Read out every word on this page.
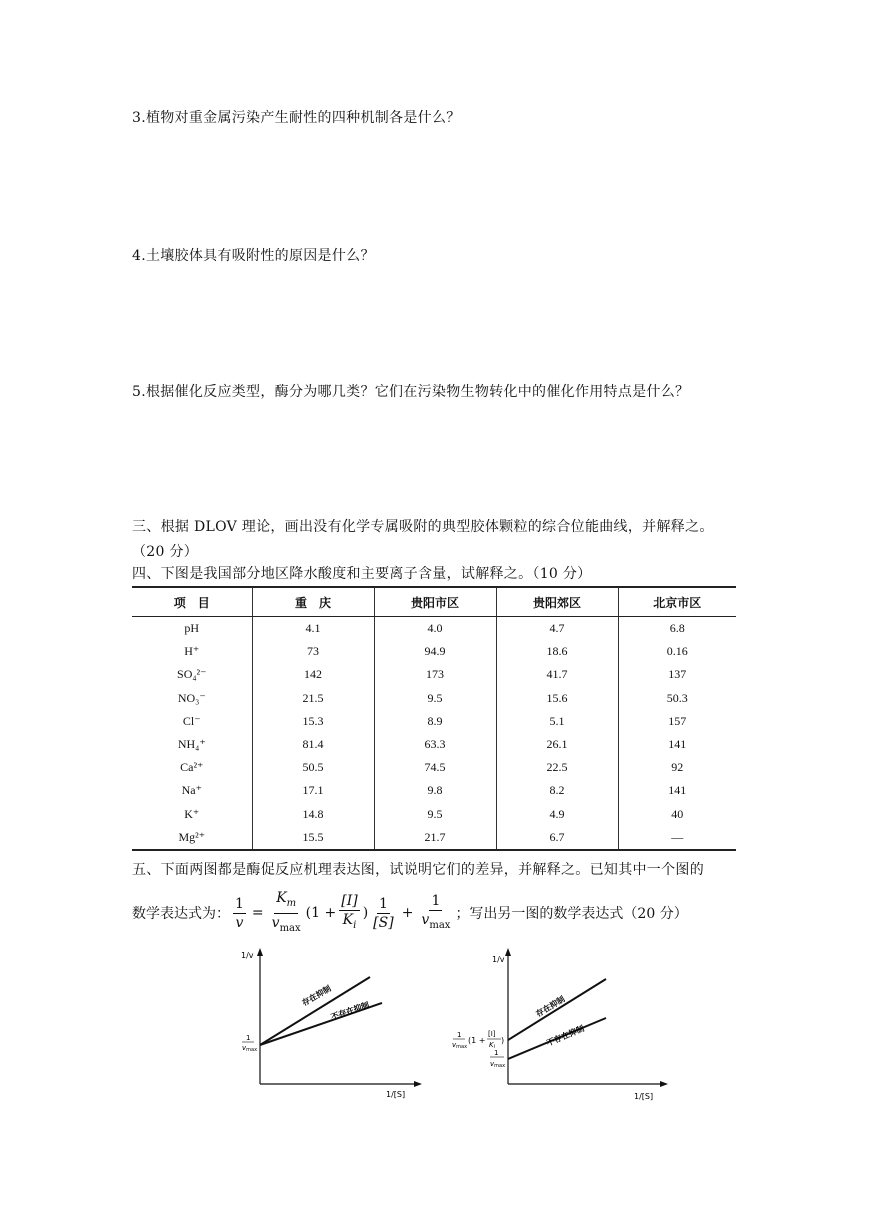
3.植物对重金属污染产生耐性的四种机制各是什么？
4.土壤胶体具有吸附性的原因是什么？
5.根据催化反应类型，酶分为哪几类？它们在污染物生物转化中的催化作用特点是什么？
三、根据 DLOV 理论，画出没有化学专属吸附的典型胶体颗粒的综合位能曲线，并解释之。
（20 分）
四、下图是我国部分地区降水酸度和主要离子含量，试解释之。（10 分）
项　目	重　庆	贵阳市区	贵阳郊区	北京市区
pH	4.1	4.0	4.7	6.8
H⁺	73	94.9	18.6	0.16
SO₄²⁻	142	173	41.7	137
NO₃⁻	21.5	9.5	15.6	50.3
Cl⁻	15.3	8.9	5.1	157
NH₄⁺	81.4	63.3	26.1	141
Ca²⁺	50.5	74.5	22.5	92
Na⁺	17.1	9.8	8.2	141
K⁺	14.8	9.5	4.9	40
Mg²⁺	15.5	21.7	6.7	—
五、下面两图都是酶促反应机理表达图，试说明它们的差异，并解释之。已知其中一个图的
数学表达式为： $\frac{1}{v} = \frac{K_m}{v_{max}} (1 + \frac{[I]}{K_i}$ ) $\frac{1}{[S]} + \frac{1}{v_{max}}$ ；写出另一图的数学表达式（20 分）
1/v
1/[S]
1
vmax
存在抑制
不存在抑制
1/v
1/[S]
1
vmax
(1 +
[I]
Ki
)
1
vmax
存在抑制
不存在抑制
